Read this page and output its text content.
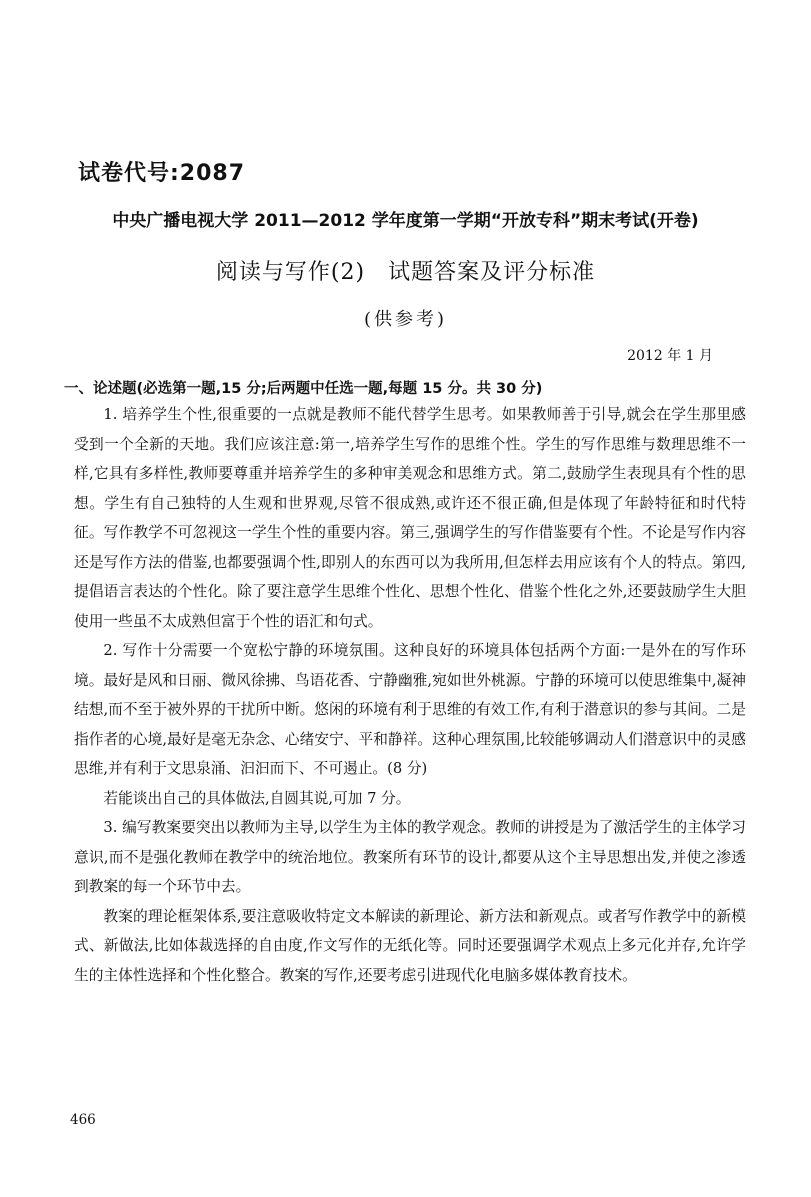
试卷代号:2087
中央广播电视大学 2011—2012 学年度第一学期“开放专科”期末考试(开卷)
阅读与写作(2)　试题答案及评分标准
(供参考)
2012 年 1 月
一、论述题(必选第一题,15 分;后两题中任选一题,每题 15 分。共 30 分)

1. 培养学生个性,很重要的一点就是教师不能代替学生思考。如果教师善于引导,就会在学生那里感受到一个全新的天地。我们应该注意:第一,培养学生写作的思维个性。学生的写作思维与数理思维不一样,它具有多样性,教师要尊重并培养学生的多种审美观念和思维方式。第二,鼓励学生表现具有个性的思想。学生有自己独特的人生观和世界观,尽管不很成熟,或许还不很正确,但是体现了年龄特征和时代特征。写作教学不可忽视这一学生个性的重要内容。第三,强调学生的写作借鉴要有个性。不论是写作内容还是写作方法的借鉴,也都要强调个性,即别人的东西可以为我所用,但怎样去用应该有个人的特点。第四,提倡语言表达的个性化。除了要注意学生思维个性化、思想个性化、借鉴个性化之外,还要鼓励学生大胆使用一些虽不太成熟但富于个性的语汇和句式。

2. 写作十分需要一个宽松宁静的环境氛围。这种良好的环境具体包括两个方面:一是外在的写作环境。最好是风和日丽、微风徐拂、鸟语花香、宁静幽雅,宛如世外桃源。宁静的环境可以使思维集中,凝神结想,而不至于被外界的干扰所中断。悠闲的环境有利于思维的有效工作,有利于潜意识的参与其间。二是指作者的心境,最好是毫无杂念、心绪安宁、平和静祥。这种心理氛围,比较能够调动人们潜意识中的灵感思维,并有利于文思泉涌、汩汩而下、不可遏止。(8 分)

若能谈出自己的具体做法,自圆其说,可加 7 分。

3. 编写教案要突出以教师为主导,以学生为主体的教学观念。教师的讲授是为了激活学生的主体学习意识,而不是强化教师在教学中的统治地位。教案所有环节的设计,都要从这个主导思想出发,并使之渗透到教案的每一个环节中去。

教案的理论框架体系,要注意吸收特定文本解读的新理论、新方法和新观点。或者写作教学中的新模式、新做法,比如体裁选择的自由度,作文写作的无纸化等。同时还要强调学术观点上多元化并存,允许学生的主体性选择和个性化整合。教案的写作,还要考虑引进现代化电脑多媒体教育技术。

466
